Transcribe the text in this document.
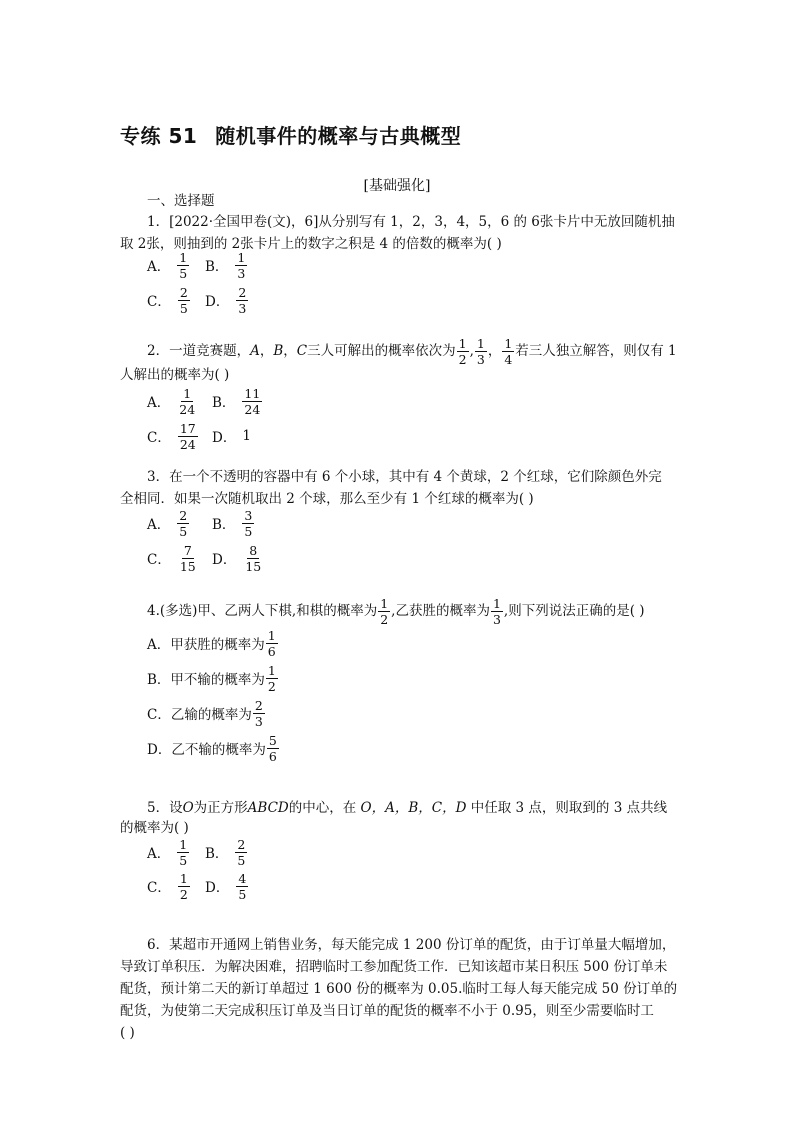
专练 51 随机事件的概率与古典概型
[基础强化]
一、选择题
1．[2022·全国甲卷(文)，6]从分别写有 1，2，3，4，5，6 的 6张卡片中无放回随机抽
取 2张，则抽到的 2张卡片上的数字之积是 4 的倍数的概率为( )
A． $\frac{1}{5}$ B． $\frac{1}{3}$
C． $\frac{2}{5}$ D． $\frac{2}{3}$
2．一道竞赛题， A ， B ， C 三人可解出的概率依次为 $\frac{1}{2}$ , $\frac{1}{3}$ ， $\frac{1}{4}$ 若三人独立解答，则仅有 1
人解出的概率为( )
A． $\frac{1}{24}$ B． $\frac{11}{24}$
C． $\frac{17}{24}$ D． 1
3．在一个不透明的容器中有 6 个小球，其中有 4 个黄球，2 个红球，它们除颜色外完
全相同．如果一次随机取出 2 个球，那么至少有 1 个红球的概率为( )
A． $\frac{2}{5}$ B． $\frac{3}{5}$
C． $\frac{7}{15}$ D． $\frac{8}{15}$
4.(多选)甲、乙两人下棋,和棋的概率为 $\frac{1}{2}$ ,乙获胜的概率为 $\frac{1}{3}$ ,则下列说法正确的是( )
A．甲获胜的概率为 $\frac{1}{6}$
B．甲不输的概率为 $\frac{1}{2}$
C．乙输的概率为 $\frac{2}{3}$
D．乙不输的概率为 $\frac{5}{6}$
5．设O为正方形ABCD的中心，在 O，A，B，C，D 中任取 3 点，则取到的 3 点共线
的概率为( )
A． $\frac{1}{5}$ B． $\frac{2}{5}$
C． $\frac{1}{2}$ D． $\frac{4}{5}$
6．某超市开通网上销售业务，每天能完成 1 200 份订单的配货，由于订单量大幅增加，
导致订单积压．为解决困难，招聘临时工参加配货工作．已知该超市某日积压 500 份订单未
配货，预计第二天的新订单超过 1 600 份的概率为 0.05.临时工每人每天能完成 50 份订单的
配货，为使第二天完成积压订单及当日订单的配货的概率不小于 0.95，则至少需要临时工
( )
